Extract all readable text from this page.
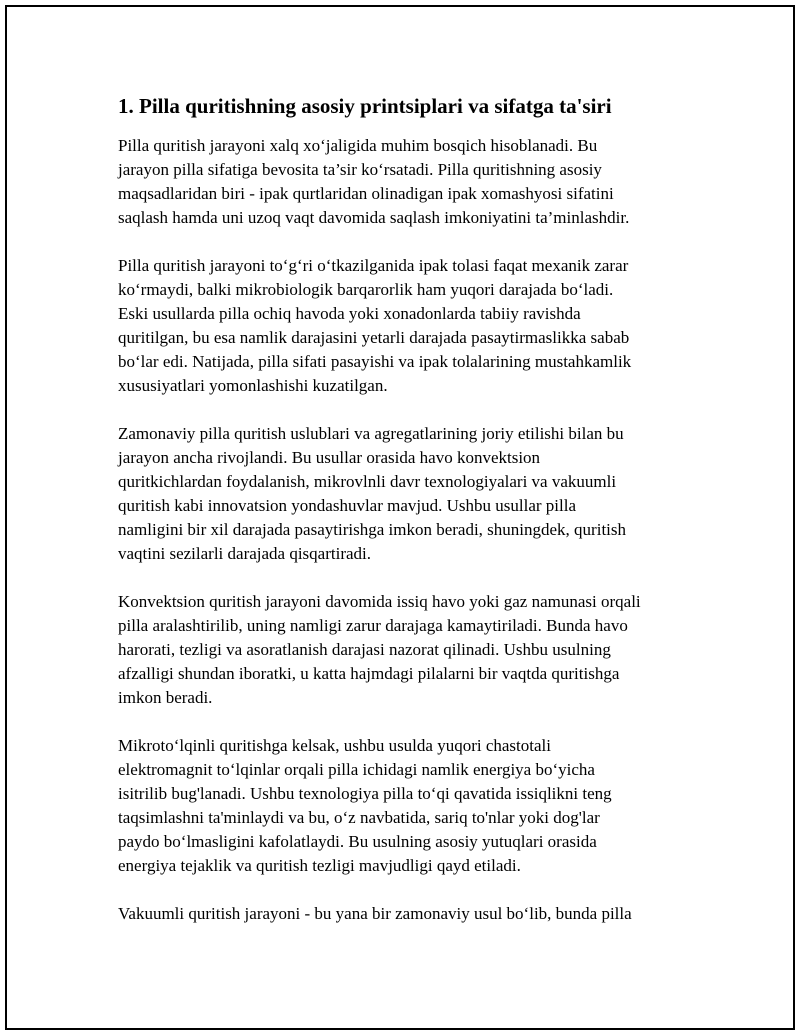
1. Pilla quritishning asosiy printsiplari va sifatga ta'siri

Pilla quritish jarayoni xalq xo‘jaligida muhim bosqich hisoblanadi. Bu
jarayon pilla sifatiga bevosita ta’sir ko‘rsatadi. Pilla quritishning asosiy
maqsadlaridan biri - ipak qurtlaridan olinadigan ipak xomashyosi sifatini
saqlash hamda uni uzoq vaqt davomida saqlash imkoniyatini ta’minlashdir.

Pilla quritish jarayoni to‘g‘ri o‘tkazilganida ipak tolasi faqat mexanik zarar
ko‘rmaydi, balki mikrobiologik barqarorlik ham yuqori darajada bo‘ladi.
Eski usullarda pilla ochiq havoda yoki xonadonlarda tabiiy ravishda
quritilgan, bu esa namlik darajasini yetarli darajada pasaytirmaslikka sabab
bo‘lar edi. Natijada, pilla sifati pasayishi va ipak tolalarining mustahkamlik
xususiyatlari yomonlashishi kuzatilgan.

Zamonaviy pilla quritish uslublari va agregatlarining joriy etilishi bilan bu
jarayon ancha rivojlandi. Bu usullar orasida havo konvektsion
quritkichlardan foydalanish, mikrovlnli davr texnologiyalari va vakuumli
quritish kabi innovatsion yondashuvlar mavjud. Ushbu usullar pilla
namligini bir xil darajada pasaytirishga imkon beradi, shuningdek, quritish
vaqtini sezilarli darajada qisqartiradi.

Konvektsion quritish jarayoni davomida issiq havo yoki gaz namunasi orqali
pilla aralashtirilib, uning namligi zarur darajaga kamaytiriladi. Bunda havo
harorati, tezligi va asoratlanish darajasi nazorat qilinadi. Ushbu usulning
afzalligi shundan iboratki, u katta hajmdagi pilalarni bir vaqtda quritishga
imkon beradi.

Mikroto‘lqinli quritishga kelsak, ushbu usulda yuqori chastotali
elektromagnit to‘lqinlar orqali pilla ichidagi namlik energiya bo‘yicha
isitrilib bug'lanadi. Ushbu texnologiya pilla to‘qi qavatida issiqlikni teng
taqsimlashni ta'minlaydi va bu, o‘z navbatida, sariq to'nlar yoki dog'lar
paydo bo‘lmasligini kafolatlaydi. Bu usulning asosiy yutuqlari orasida
energiya tejaklik va quritish tezligi mavjudligi qayd etiladi.

Vakuumli quritish jarayoni - bu yana bir zamonaviy usul bo‘lib, bunda pilla
